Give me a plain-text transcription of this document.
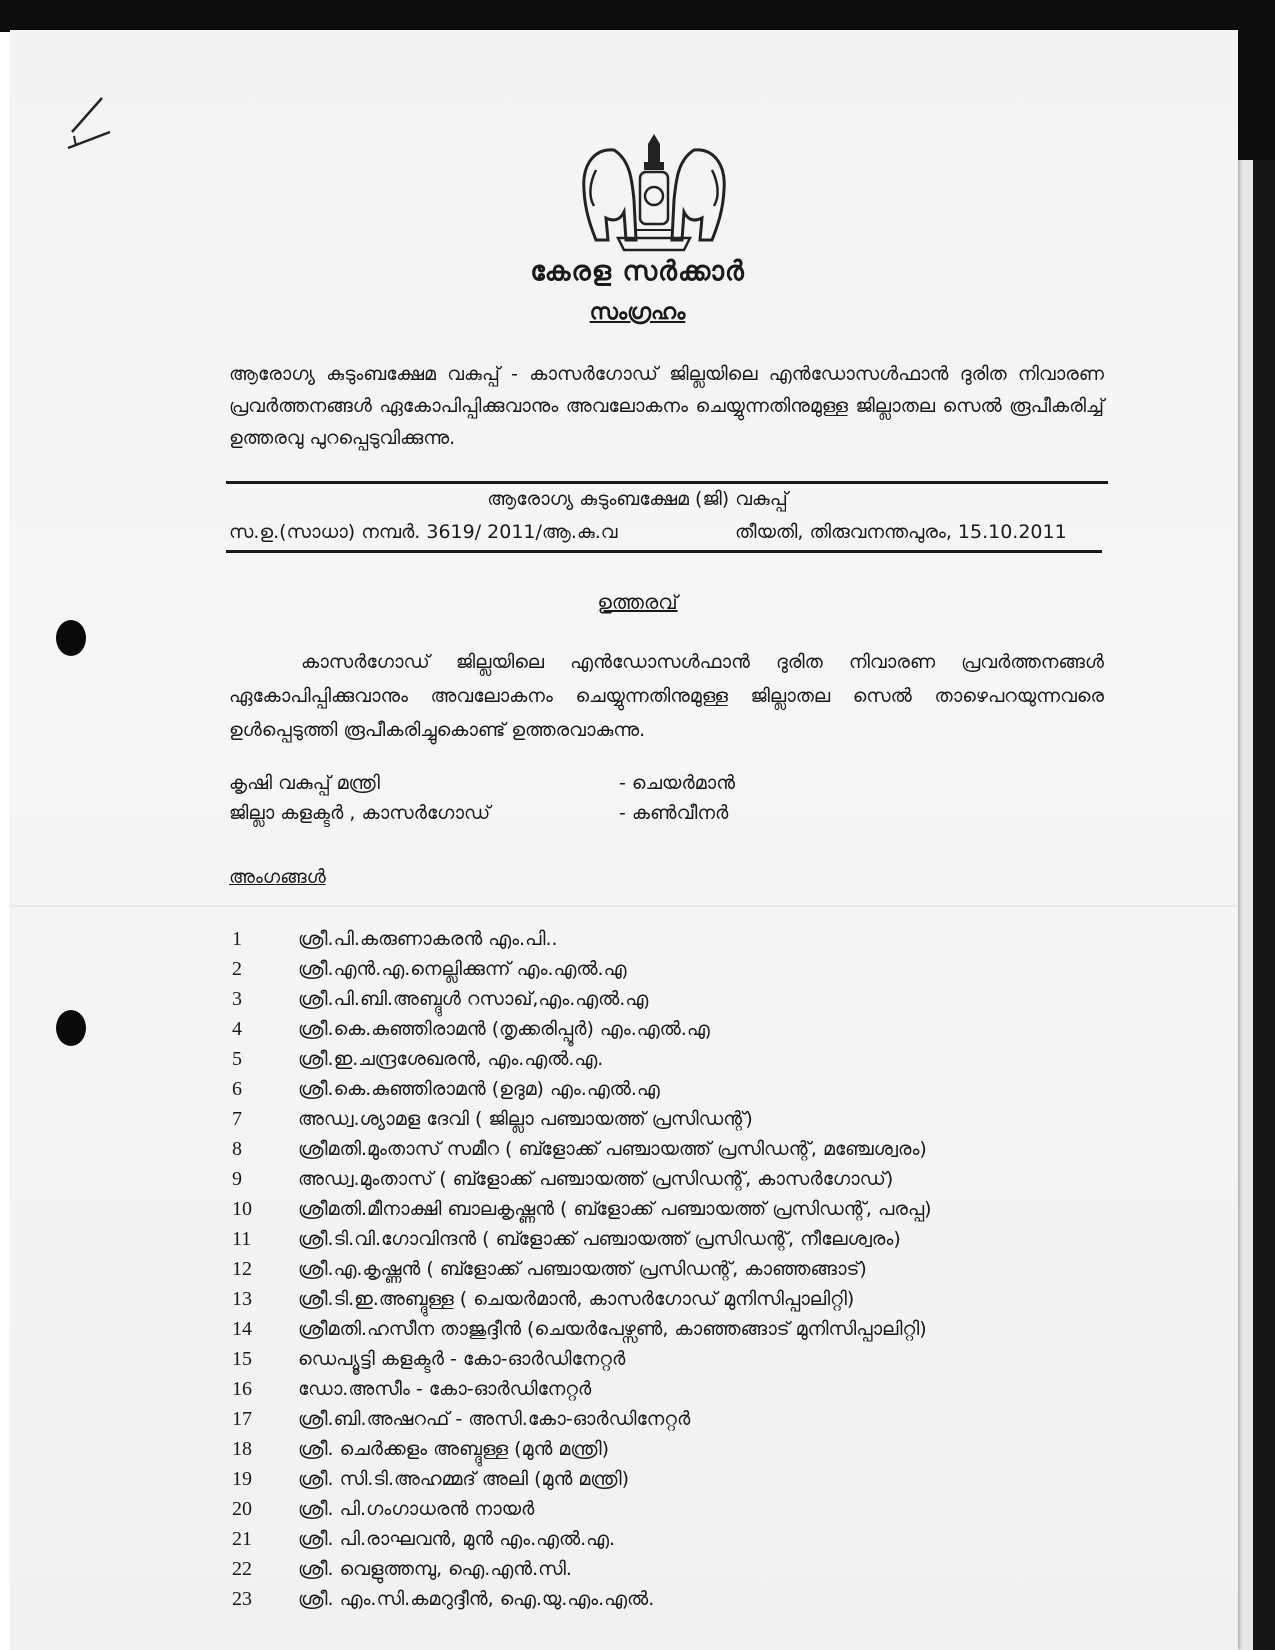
കേരള സർക്കാർ
സംഗ്രഹം
ആരോഗ്യ കുടുംബക്ഷേമ വകുപ്പ് - കാസർഗോഡ് ജില്ലയിലെ എൻഡോസൾഫാൻ ദുരിത നിവാരണ പ്രവർത്തനങ്ങൾ ഏകോപിപ്പിക്കുവാനും അവലോകനം ചെയ്യുന്നതിനുമുള്ള ജില്ലാതല സെൽ രൂപീകരിച്ച് ഉത്തരവു പുറപ്പെടുവിക്കുന്നു.
ആരോഗ്യ കുടുംബക്ഷേമ (ജി) വകുപ്പ്
സ.ഉ.(സാധാ) നമ്പർ. 3619/ 2011/ആ.കു.വ	തീയതി, തിരുവനന്തപുരം, 15.10.2011
ഉത്തരവ്
കാസർഗോഡ് ജില്ലയിലെ എൻഡോസൾഫാൻ ദുരിത നിവാരണ പ്രവർത്തനങ്ങൾ ഏകോപിപ്പിക്കുവാനും അവലോകനം ചെയ്യുന്നതിനുമുള്ള ജില്ലാതല സെൽ താഴെപറയുന്നവരെ ഉൾപ്പെടുത്തി രൂപീകരിച്ചുകൊണ്ട് ഉത്തരവാകുന്നു.
കൃഷി വകുപ്പ് മന്ത്രി	- ചെയർമാൻ
ജില്ലാ കളക്ടർ , കാസർഗോഡ്	- കൺവീനർ
അംഗങ്ങൾ
1	ശ്രീ.പി.കരുണാകരൻ എം.പി..
2	ശ്രീ.എൻ.എ.നെല്ലിക്കുന്ന് എം.എൽ.എ
3	ശ്രീ.പി.ബി.അബ്ദുൾ റസാഖ്,എം.എൽ.എ
4	ശ്രീ.കെ.കുഞ്ഞിരാമൻ (തൃക്കരിപ്പൂർ) എം.എൽ.എ
5	ശ്രീ.ഇ.ചന്ദ്രശേഖരൻ, എം.എൽ.എ.
6	ശ്രീ.കെ.കുഞ്ഞിരാമൻ (ഉദുമ) എം.എൽ.എ
7	അഡ്വ.ശ്യാമള ദേവി ( ജില്ലാ പഞ്ചായത്ത് പ്രസിഡന്റ്)
8	ശ്രീമതി.മുംതാസ് സമീറ ( ബ്ളോക്ക് പഞ്ചായത്ത് പ്രസിഡന്റ്, മഞ്ചേശ്വരം)
9	അഡ്വ.മുംതാസ് ( ബ്ളോക്ക് പഞ്ചായത്ത് പ്രസിഡന്റ്, കാസർഗോഡ്)
10 ശ്രീമതി.മീനാക്ഷി ബാലകൃഷ്ണൻ ( ബ്ളോക്ക് പഞ്ചായത്ത് പ്രസിഡന്റ്, പരപ്പ)
11 ശ്രീ.ടി.വി.ഗോവിന്ദൻ ( ബ്ളോക്ക് പഞ്ചായത്ത് പ്രസിഡന്റ്, നീലേശ്വരം)
12 ശ്രീ.എ.കൃഷ്ണൻ ( ബ്ളോക്ക് പഞ്ചായത്ത് പ്രസിഡന്റ്, കാഞ്ഞങ്ങാട്)
13 ശ്രീ.ടി.ഇ.അബ്ദുള്ള ( ചെയർമാൻ, കാസർഗോഡ് മുനിസിപ്പാലിറ്റി)
14 ശ്രീമതി.ഹസീന താജുദ്ദീൻ (ചെയർപേഴ്സൺ, കാഞ്ഞങ്ങാട് മുനിസിപ്പാലിറ്റി)
15 ഡെപ്യൂട്ടി കളക്ടർ - കോ-ഓർഡിനേറ്റർ
16 ഡോ.അസീം - കോ-ഓർഡിനേറ്റർ
17 ശ്രീ.ബി.അഷറഫ് - അസി.കോ-ഓർഡിനേറ്റർ
18 ശ്രീ. ചെർക്കളം അബ്ദുള്ള (മുൻ മന്ത്രി)
19 ശ്രീ. സി.ടി.അഹമ്മദ് അലി (മുൻ മന്ത്രി)
20 ശ്രീ. പി.ഗംഗാധരൻ നായർ
21 ശ്രീ. പി.രാഘവൻ, മുൻ എം.എൽ.എ.
22 ശ്രീ. വെളുത്തമ്പു, ഐ.എൻ.സി.
23 ശ്രീ. എം.സി.കമറുദ്ദീൻ, ഐ.യു.എം.എൽ.
